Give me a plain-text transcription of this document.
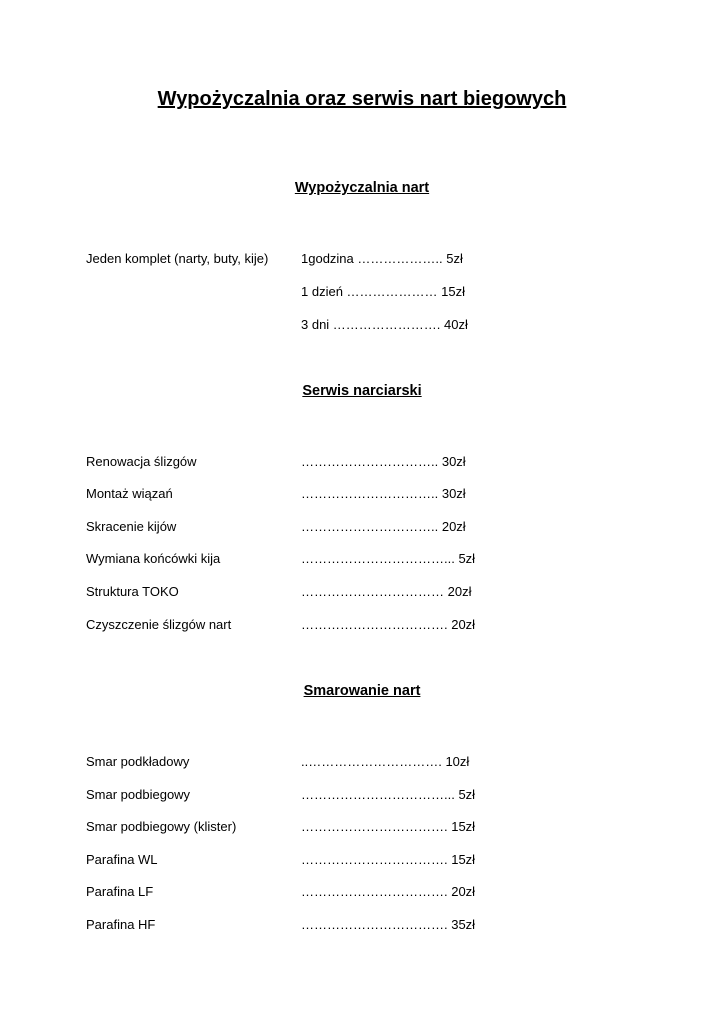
Wypożyczalnia oraz serwis nart biegowych
Wypożyczalnia nart
Jeden komplet (narty, buty, kije)	1godzina ……………….. 5zł
1 dzień ………………… 15zł
3 dni ……………………. 40zł
Serwis narciarski
Renowacja ślizgów	………………………….. 30zł
Montaż wiązań	………………………….. 30zł
Skracenie kijów	………………………….. 20zł
Wymiana końcówki kija	……………………………... 5zł
Struktura TOKO	…………………………… 20zł
Czyszczenie ślizgów nart	……………………………. 20zł
Smarowanie nart
Smar podkładowy	..…………………………. 10zł
Smar podbiegowy	……………………………... 5zł
Smar podbiegowy (klister)	……………………………. 15zł
Parafina WL	……………………………. 15zł
Parafina LF	……………………………. 20zł
Parafina HF	……………………………. 35zł
